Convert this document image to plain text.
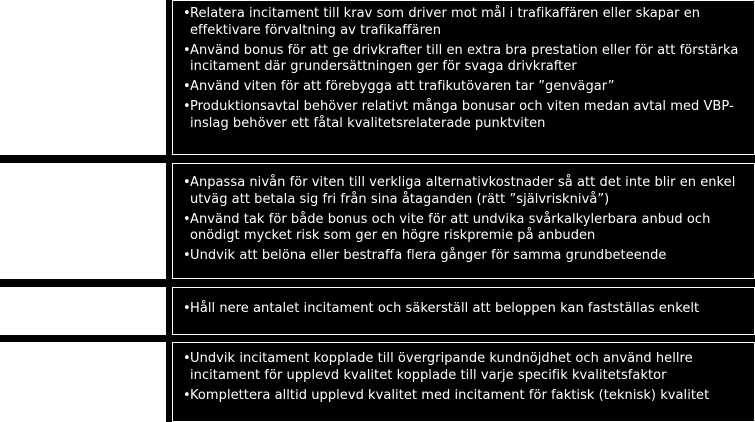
• Relatera incitament till krav som driver mot mål i trafikaffären eller skapar en effektivare förvaltning av trafikaffären
• Använd bonus för att ge drivkrafter till en extra bra prestation eller för att förstärka incitament där grundersättningen ger för svaga drivkrafter
• Använd viten för att förebygga att trafikutövaren tar ”genvägar”
• Produktionsavtal behöver relativt många bonusar och viten medan avtal med VBP-inslag behöver ett fåtal kvalitetsrelaterade punktviten
• Anpassa nivån för viten till verkliga alternativkostnader så att det inte blir en enkel utväg att betala sig fri från sina åtaganden (rätt ”självrisknivå”)
• Använd tak för både bonus och vite för att undvika svårkalkylerbara anbud och onödigt mycket risk som ger en högre riskpremie på anbuden
• Undvik att belöna eller bestraffa flera gånger för samma grundbeteende
• Håll nere antalet incitament och säkerställ att beloppen kan fastställas enkelt
• Undvik incitament kopplade till övergripande kundnöjdhet och använd hellre incitament för upplevd kvalitet kopplade till varje specifik kvalitetsfaktor
• Komplettera alltid upplevd kvalitet med incitament för faktisk (teknisk) kvalitet
